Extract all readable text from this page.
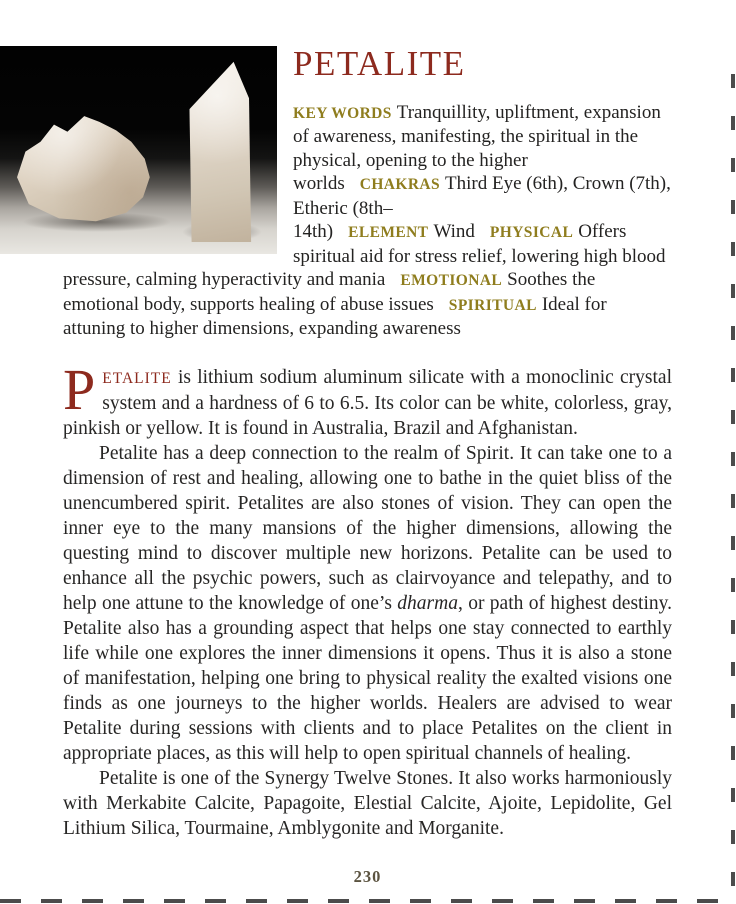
PETALITE

KEY WORDS Tranquillity, upliftment, expansion of awareness, manifesting, the spiritual in the physical, opening to the higher worlds CHAKRAS Third Eye (6th), Crown (7th), Etheric (8th–14th) ELEMENT Wind PHYSICAL Offers spiritual aid for stress relief, lowering high blood pressure, calming hyperactivity and mania EMOTIONAL Soothes the emotional body, supports healing of abuse issues SPIRITUAL Ideal for attuning to higher dimensions, expanding awareness

PETALITE is lithium sodium aluminum silicate with a monoclinic crystal system and a hardness of 6 to 6.5. Its color can be white, colorless, gray, pinkish or yellow. It is found in Australia, Brazil and Afghanistan.

Petalite has a deep connection to the realm of Spirit. It can take one to a dimension of rest and healing, allowing one to bathe in the quiet bliss of the unencumbered spirit. Petalites are also stones of vision. They can open the inner eye to the many mansions of the higher dimensions, allowing the questing mind to discover multiple new horizons. Petalite can be used to enhance all the psychic powers, such as clairvoyance and telepathy, and to help one attune to the knowledge of one’s dharma, or path of highest destiny. Petalite also has a grounding aspect that helps one stay connected to earthly life while one explores the inner dimensions it opens. Thus it is also a stone of manifestation, helping one bring to physical reality the exalted visions one finds as one journeys to the higher worlds. Healers are advised to wear Petalite during sessions with clients and to place Petalites on the client in appropriate places, as this will help to open spiritual channels of healing.

Petalite is one of the Synergy Twelve Stones. It also works harmoniously with Merkabite Calcite, Papagoite, Elestial Calcite, Ajoite, Lepidolite, Gel Lithium Silica, Tourmaine, Amblygonite and Morganite.

230
